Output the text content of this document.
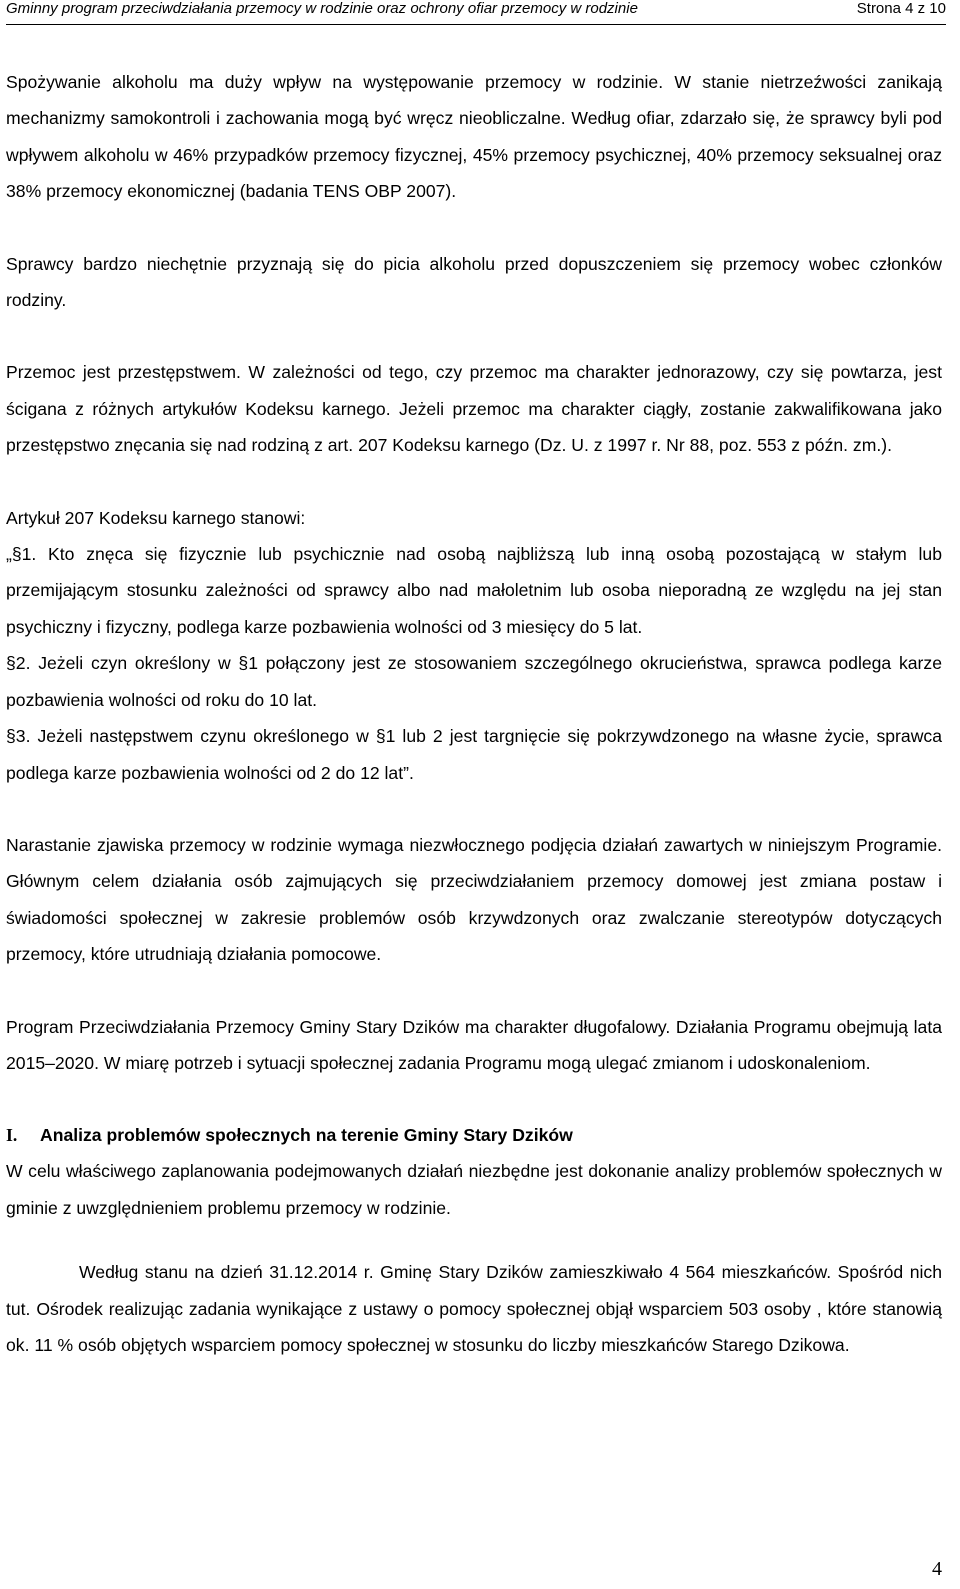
Gminny program przeciwdziałania przemocy w rodzinie oraz ochrony ofiar przemocy w rodzinie	Strona 4 z 10

Spożywanie alkoholu ma duży wpływ na występowanie przemocy w rodzinie. W stanie nietrzeźwości zanikają mechanizmy samokontroli i zachowania mogą być wręcz nieobliczalne. Według ofiar, zdarzało się, że sprawcy byli pod wpływem alkoholu w 46% przypadków przemocy fizycznej, 45% przemocy psychicznej, 40% przemocy seksualnej oraz 38% przemocy ekonomicznej (badania TENS OBP 2007).

Sprawcy bardzo niechętnie przyznają się do picia alkoholu przed dopuszczeniem się przemocy wobec członków rodziny.

Przemoc jest przestępstwem. W zależności od tego, czy przemoc ma charakter jednorazowy, czy się powtarza, jest ścigana z różnych artykułów Kodeksu karnego. Jeżeli przemoc ma charakter ciągły, zostanie zakwalifikowana jako przestępstwo znęcania się nad rodziną z art. 207 Kodeksu karnego (Dz. U. z 1997 r. Nr 88, poz. 553 z późn. zm.).

Artykuł 207 Kodeksu karnego stanowi:

„§1. Kto znęca się fizycznie lub psychicznie nad osobą najbliższą lub inną osobą pozostającą w stałym lub przemijającym stosunku zależności od sprawcy albo nad małoletnim lub osoba nieporadną ze względu na jej stan psychiczny i fizyczny, podlega karze pozbawienia wolności od 3 miesięcy do 5 lat.

§2. Jeżeli czyn określony w §1 połączony jest ze stosowaniem szczególnego okrucieństwa, sprawca podlega karze pozbawienia wolności od roku do 10 lat.

§3. Jeżeli następstwem czynu określonego w §1 lub 2 jest targnięcie się pokrzywdzonego na własne życie, sprawca podlega karze pozbawienia wolności od 2 do 12 lat”.

Narastanie zjawiska przemocy w rodzinie wymaga niezwłocznego podjęcia działań zawartych w niniejszym Programie. Głównym celem działania osób zajmujących się przeciwdziałaniem przemocy domowej jest zmiana postaw i świadomości społecznej w zakresie problemów osób krzywdzonych oraz zwalczanie stereotypów dotyczących przemocy, które utrudniają działania pomocowe.

Program Przeciwdziałania Przemocy Gminy Stary Dzików ma charakter długofalowy. Działania Programu obejmują lata 2015–2020. W miarę potrzeb i sytuacji społecznej zadania Programu mogą ulegać zmianom i udoskonaleniom.

I. Analiza problemów społecznych na terenie Gminy Stary Dzików

W celu właściwego zaplanowania podejmowanych działań niezbędne jest dokonanie analizy problemów społecznych w gminie z uwzględnieniem problemu przemocy w rodzinie.

Według stanu na dzień 31.12.2014 r. Gminę Stary Dzików zamieszkiwało 4 564 mieszkańców. Spośród nich tut. Ośrodek realizując zadania wynikające z ustawy o pomocy społecznej objął wsparciem 503 osoby , które stanowią ok. 11 % osób objętych wsparciem pomocy społecznej w stosunku do liczby mieszkańców Starego Dzikowa.

4
